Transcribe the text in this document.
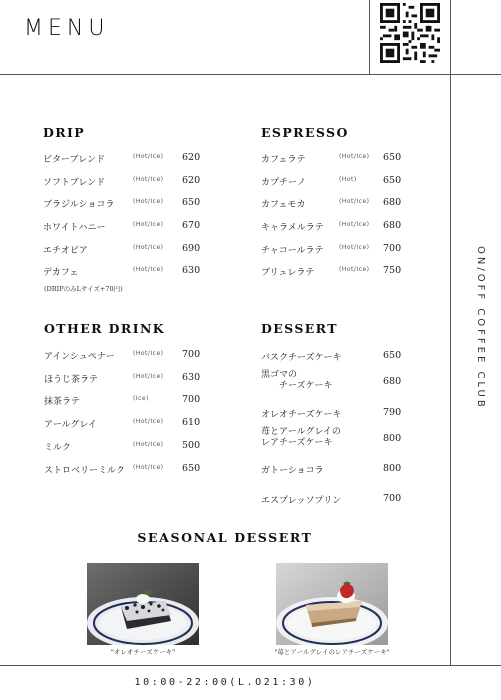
MENU
ON/OFF COFFEE CLUB
DRIP
ビターブレンド	(Hot/Ice) 620
ソフトブレンド	(Hot/Ice) 620
ブラジルショコラ	(Hot/Ice) 650
ホワイトハニー	(Hot/Ice) 670
エチオピア	(Hot/Ice) 690
デカフェ	(Hot/Ice) 630
(DRIPのみLサイズ+70円)
ESPRESSO
カフェラテ	(Hot/Ice) 650
カプチーノ	(Hot)	650
カフェモカ	(Hot/Ice) 680
キャラメルラテ	(Hot/Ice) 680
チャコールラテ	(Hot/Ice) 700
ブリュレラテ	(Hot/Ice) 750
OTHER DRINK
アインシュペナー	(Hot/Ice) 700
ほうじ茶ラテ	(Hot/Ice) 630
抹茶ラテ	(Ice)	700
アールグレイ	(Hot/Ice) 610
ミルク	(Hot/Ice) 500
ストロベリーミルク (Hot/Ice) 650
DESSERT
バスクチーズケーキ	650
黒ゴマの
　　チーズケーキ	680
オレオチーズケーキ	790
苺とアールグレイの
レアチーズケーキ	800
ガトーショコラ	800
エスプレッソプリン	700
SEASONAL DESSERT
"オレオチーズケーキ"	"苺とアールグレイのレアチーズケーキ"
10:00-22:00(L.O21:30)
